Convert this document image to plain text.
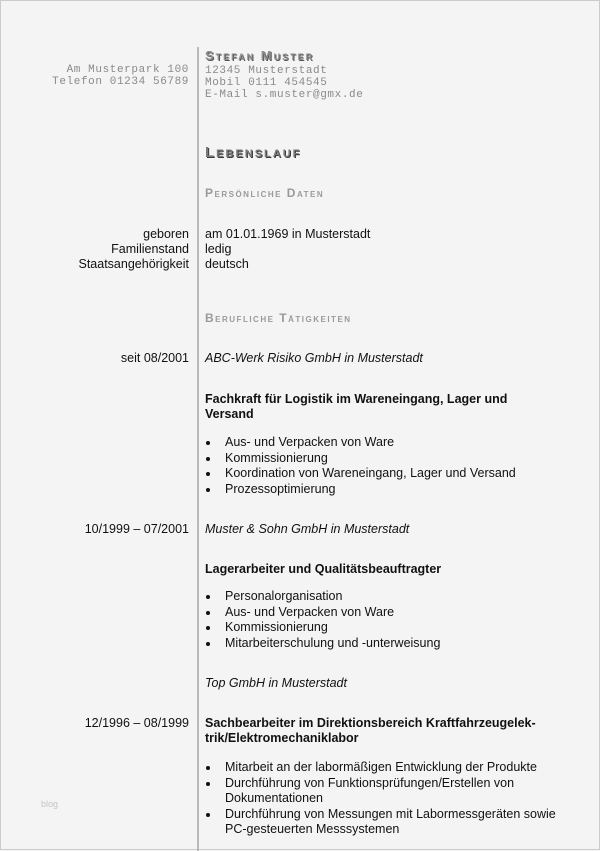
Am Musterpark 100
Telefon 01234 56789
Stefan Muster
12345 Musterstadt
Mobil 0111 454545
E-Mail s.muster@gmx.de
Lebenslauf
Persönliche Daten
geboren
Familienstand
Staatsangehörigkeit
am 01.01.1969 in Musterstadt
ledig
deutsch
Berufliche Tätigkeiten
seit 08/2001 ABC-Werk Risiko GmbH in Musterstadt
Fachkraft für Logistik im Wareneingang, Lager und
Versand
Aus- und Verpacken von Ware
Kommissionierung
Koordination von Wareneingang, Lager und Versand
Prozessoptimierung
10/1999 – 07/2001 Muster & Sohn GmbH in Musterstadt
Lagerarbeiter und Qualitätsbeauftragter
Personalorganisation
Aus- und Verpacken von Ware
Kommissionierung
Mitarbeiterschulung und -unterweisung
Top GmbH in Musterstadt
12/1996 – 08/1999 Sachbearbeiter im Direktionsbereich Kraftfahrzeugelek-
trik/Elektromechaniklabor
Mitarbeit an der labormäßigen Entwicklung der Produkte
Durchführung von Funktionsprüfungen/Erstellen von
Dokumentationen
Durchführung von Messungen mit Labormessgeräten sowie
PC-gesteuerten Messsystemen
blog
